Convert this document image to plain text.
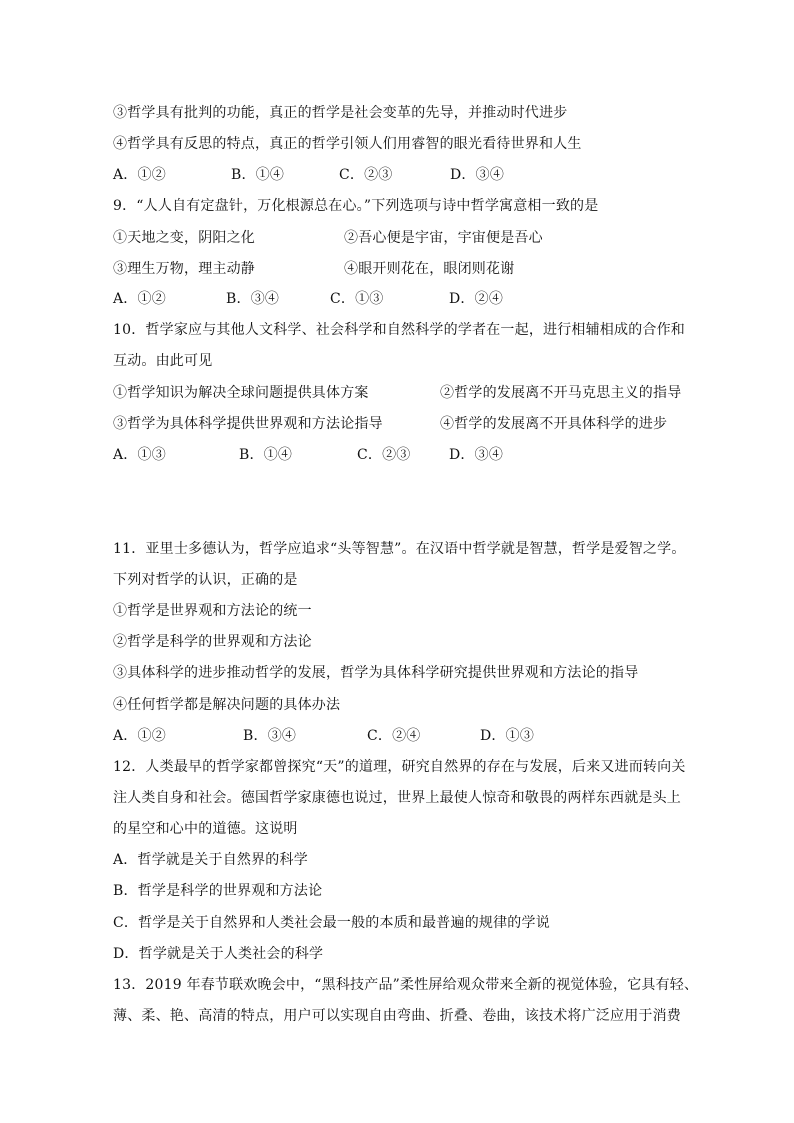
③哲学具有批判的功能，真正的哲学是社会变革的先导，并推动时代进步
④哲学具有反思的特点，真正的哲学引领人们用睿智的眼光看待世界和人生
A．①②	B．①④	C．②③	D．③④
9．“人人自有定盘针，万化根源总在心。”下列选项与诗中哲学寓意相一致的是
①天地之变，阴阳之化	②吾心便是宇宙，宇宙便是吾心
③理生万物，理主动静	④眼开则花在，眼闭则花谢
A．①②	B．③④	C．①③	D．②④
10．哲学家应与其他人文科学、社会科学和自然科学的学者在一起，进行相辅相成的合作和
互动。由此可见
①哲学知识为解决全球问题提供具体方案	②哲学的发展离不开马克思主义的指导
③哲学为具体科学提供世界观和方法论指导	④哲学的发展离不开具体科学的进步
A．①③	B．①④	C．②③	D．③④
11．亚里士多德认为，哲学应追求“头等智慧”。在汉语中哲学就是智慧，哲学是爱智之学。
下列对哲学的认识，正确的是
①哲学是世界观和方法论的统一
②哲学是科学的世界观和方法论
③具体科学的进步推动哲学的发展，哲学为具体科学研究提供世界观和方法论的指导
④任何哲学都是解决问题的具体办法
A．①②	B．③④	C．②④	D．①③
12．人类最早的哲学家都曾探究“天”的道理，研究自然界的存在与发展，后来又进而转向关
注人类自身和社会。德国哲学家康德也说过，世界上最使人惊奇和敬畏的两样东西就是头上
的星空和心中的道德。这说明
A．哲学就是关于自然界的科学
B．哲学是科学的世界观和方法论
C．哲学是关于自然界和人类社会最一般的本质和最普遍的规律的学说
D．哲学就是关于人类社会的科学
13．2019 年春节联欢晚会中，“黑科技产品”柔性屏给观众带来全新的视觉体验，它具有轻、
薄、柔、艳、高清的特点，用户可以实现自由弯曲、折叠、卷曲，该技术将广泛应用于消费
